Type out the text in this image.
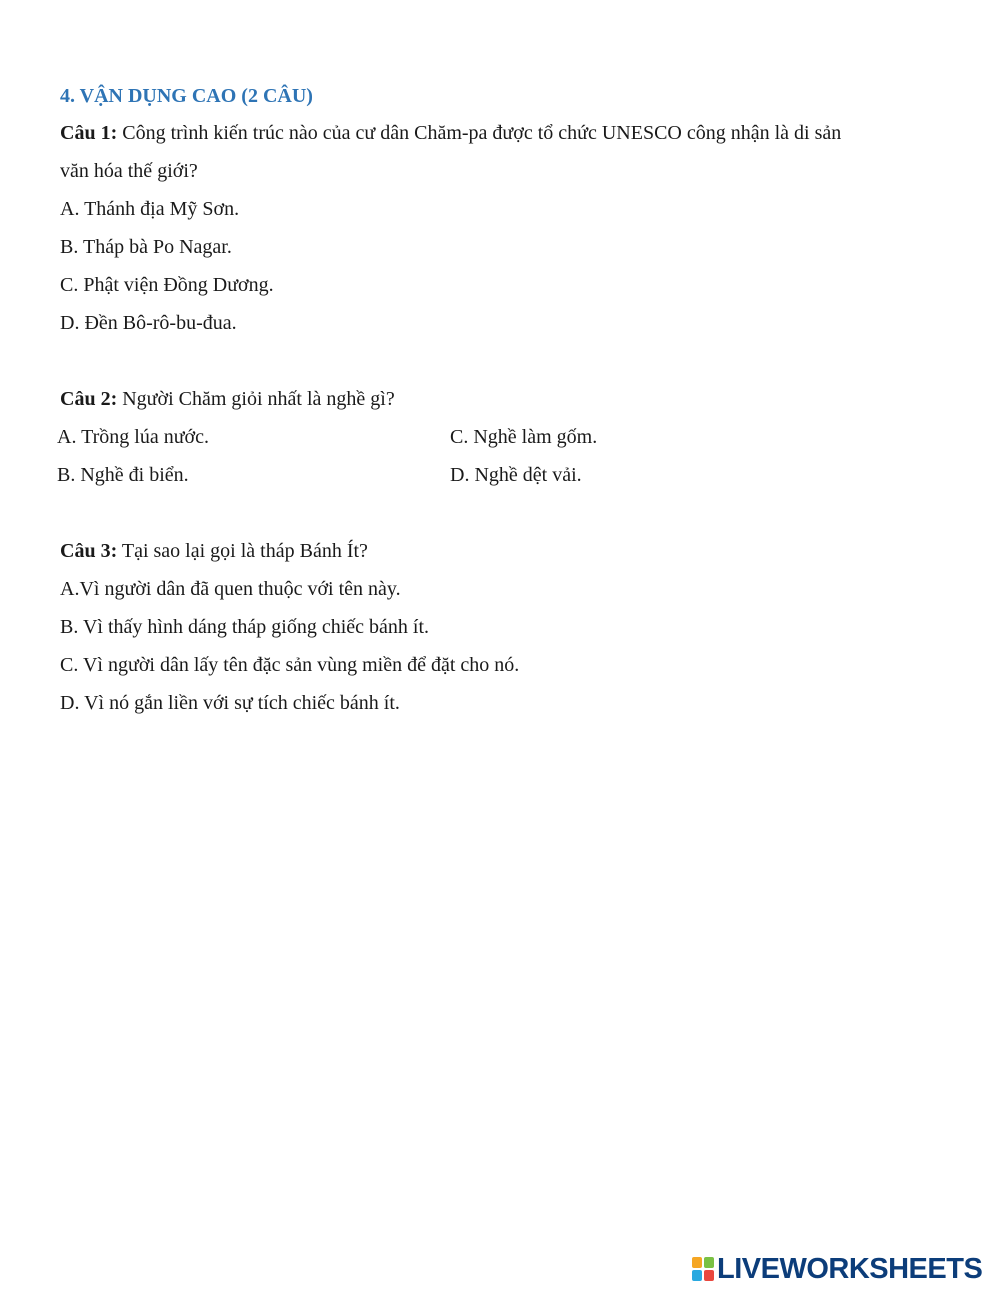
4. VẬN DỤNG CAO (2 CÂU)
Câu 1: Công trình kiến trúc nào của cư dân Chăm-pa được tổ chức UNESCO công nhận là di sản
văn hóa thế giới?
A. Thánh địa Mỹ Sơn.
B. Tháp bà Po Nagar.
C. Phật viện Đồng Dương.
D. Đền Bô-rô-bu-đua.
Câu 2: Người Chăm giỏi nhất là nghề gì?
A. Trồng lúa nước.	C. Nghề làm gốm.
B. Nghề đi biển.	D. Nghề dệt vải.
Câu 3: Tại sao lại gọi là tháp Bánh Ít?
A.Vì người dân đã quen thuộc với tên này.
B. Vì thấy hình dáng tháp giống chiếc bánh ít.
C. Vì người dân lấy tên đặc sản vùng miền để đặt cho nó.
D. Vì nó gắn liền với sự tích chiếc bánh ít.
LIVEWORKSHEETS
